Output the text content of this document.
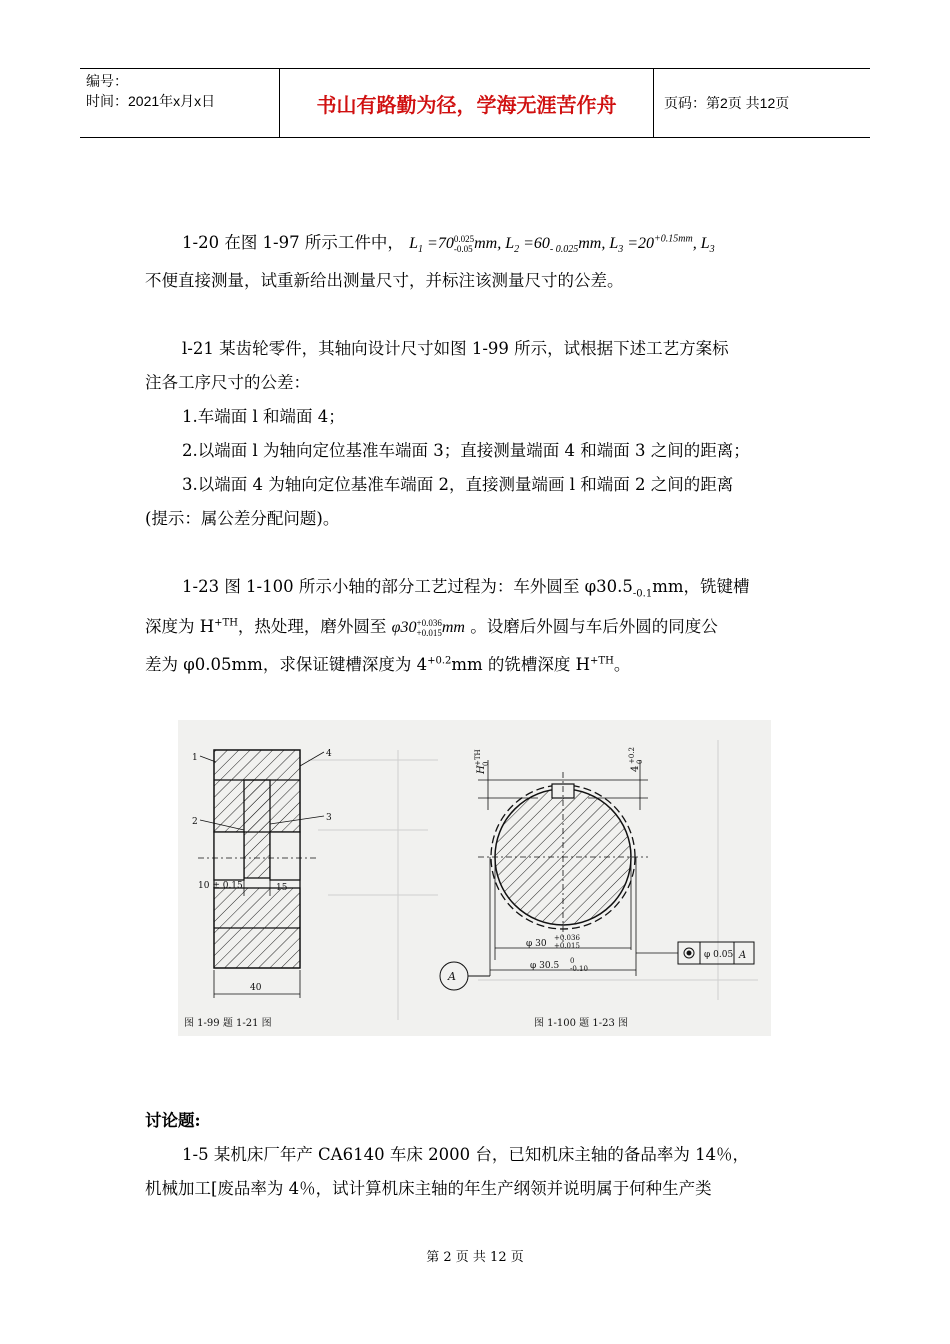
编号：
时间：2021年x月x日	书山有路勤为径，学海无涯苦作舟	页码：第2页 共12页
1-20 在图 1-97 所示工件中， $L_1 =700.025$
-0.05mm, $L_2 =60_{- 0.025}mm$, $L_3 =20^{+0.15mm}$, $L_3$
不便直接测量，试重新给出测量尺寸，并标注该测量尺寸的公差。
l-21 某齿轮零件，其轴向设计尺寸如图 1-99 所示，试根据下述工艺方案标
注各工序尺寸的公差：
1.车端面 l 和端面 4；
2.以端面 l 为轴向定位基准车端面 3；直接测量端面 4 和端面 3 之间的距离；
3.以端面 4 为轴向定位基准车端面 2，直接测量端画 l 和端面 2 之间的距离
(提示：属公差分配问题)。
1-23 图 1-100 所示小轴的部分工艺过程为：车外圆至 $\varphi 30.5_{-0.1}mm$，铣键槽
深度为 $H^{+TH}$，热处理，磨外圆至 φ30+0.036
+0.015mm 。设磨后外圆与车后外圆的同度公
差为 φ0.05mm，求保证键槽深度为 $4^{+0.2}mm$ 的铣槽深度 $H^{+TH}$。
1
2	3
4
10 ± 0.15	15
40
图 1-99 题 1-21 图
A
φ 0.05 A
φ 30
+0.036
+0.015
φ 30.5 0
-0.10
H
+TH 0
4
+0.2 0
图 1-100 题 1-23 图
讨论题:
1-5 某机床厂年产 CA6140 车床 2000 台，已知机床主轴的备品率为 14％，
机械加工[废品率为 4％，试计算机床主轴的年生产纲领并说明属于何种生产类
第 2 页 共 12 页
